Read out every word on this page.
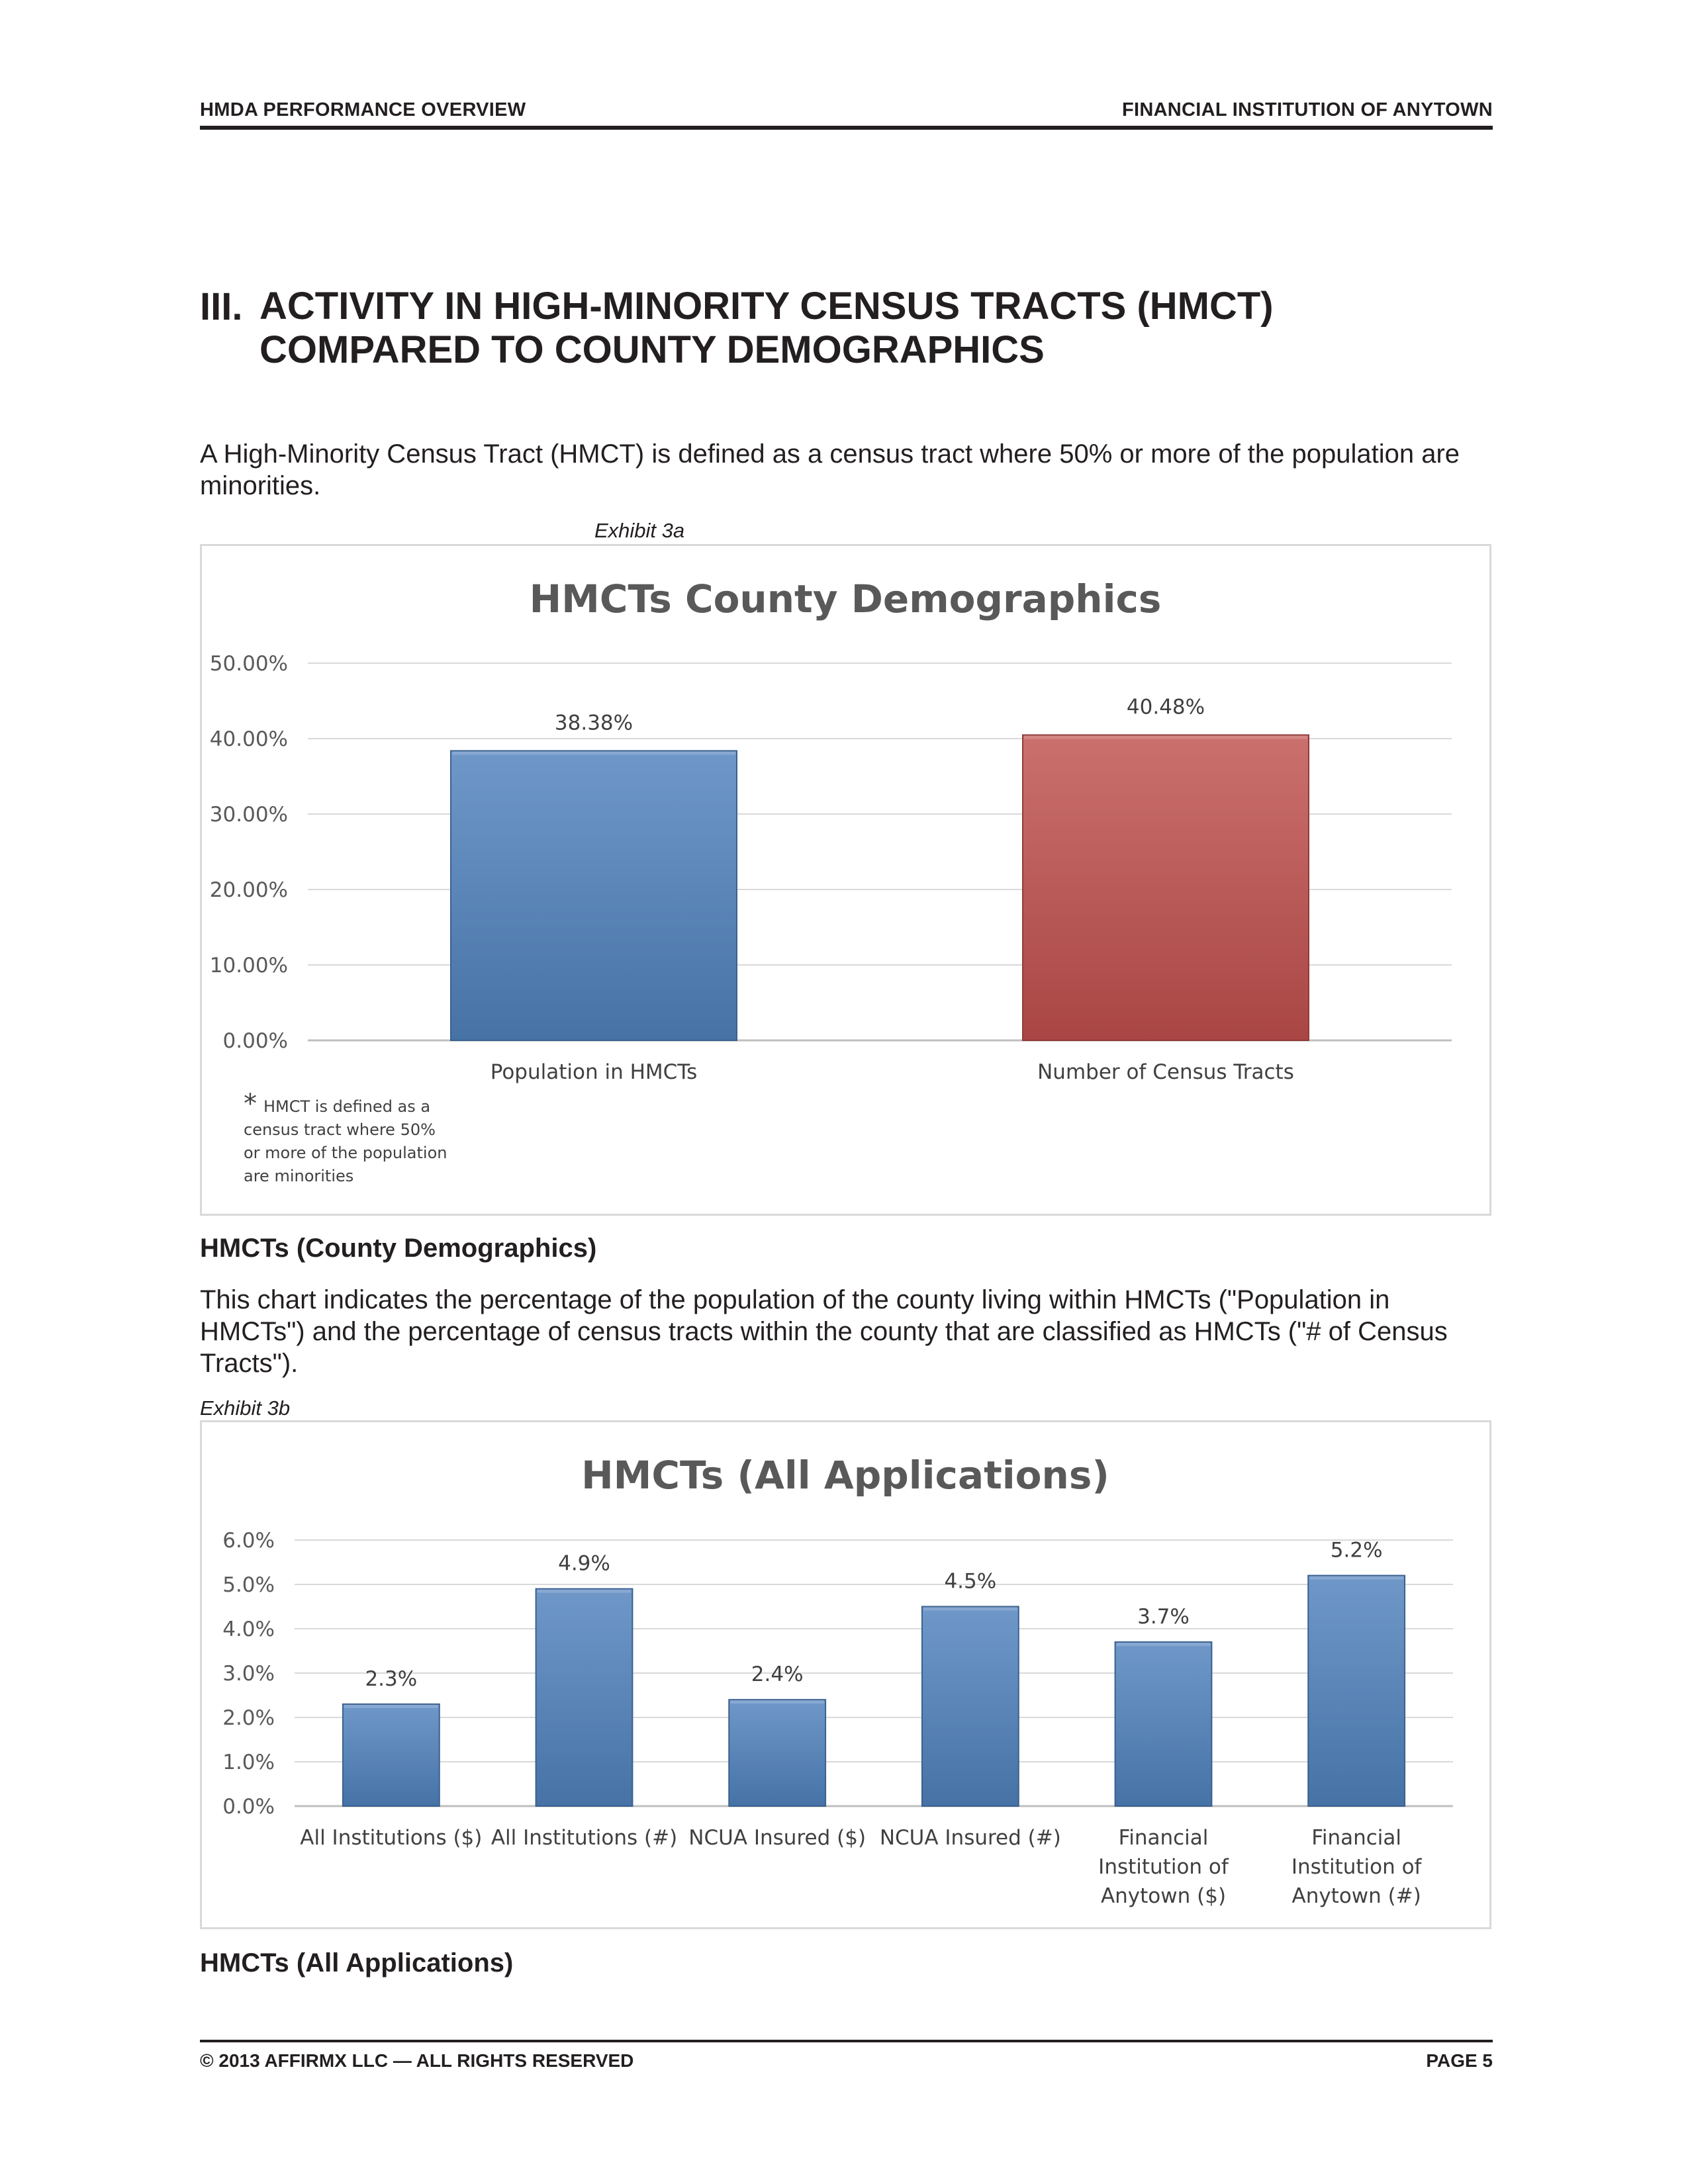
HMDA PERFORMANCE OVERVIEW	FINANCIAL INSTITUTION OF ANYTOWN
III. ACTIVITY IN HIGH-MINORITY CENSUS TRACTS (HMCT)
COMPARED TO COUNTY DEMOGRAPHICS
A High-Minority Census Tract (HMCT) is defined as a census tract where 50% or more of the population are minorities.
Exhibit 3a
HMCTs County Demographics
0.00%
10.00%
20.00%
30.00%
40.00%
50.00%
38.38%
Population in HMCTs
40.48%
Number of Census Tracts
* HMCT is defined as a
census tract where 50%
or more of the population
are minorities
HMCTs (County Demographics)
This chart indicates the percentage of the population of the county living within HMCTs ("Population in HMCTs") and the percentage of census tracts within the county that are classified as HMCTs ("# of Census Tracts").
Exhibit 3b
HMCTs (All Applications)
0.0%
1.0%
2.0%
3.0%
4.0%
5.0%
6.0%
2.3%
All Institutions ($)
4.9%
All Institutions (#)
2.4%
NCUA Insured ($)
4.5%
NCUA Insured (#)
3.7%
Financial
Institution of
Anytown ($)
5.2%
Financial
Institution of
Anytown (#)
HMCTs (All Applications)
© 2013 AFFIRMX LLC — ALL RIGHTS RESERVED	PAGE 5
